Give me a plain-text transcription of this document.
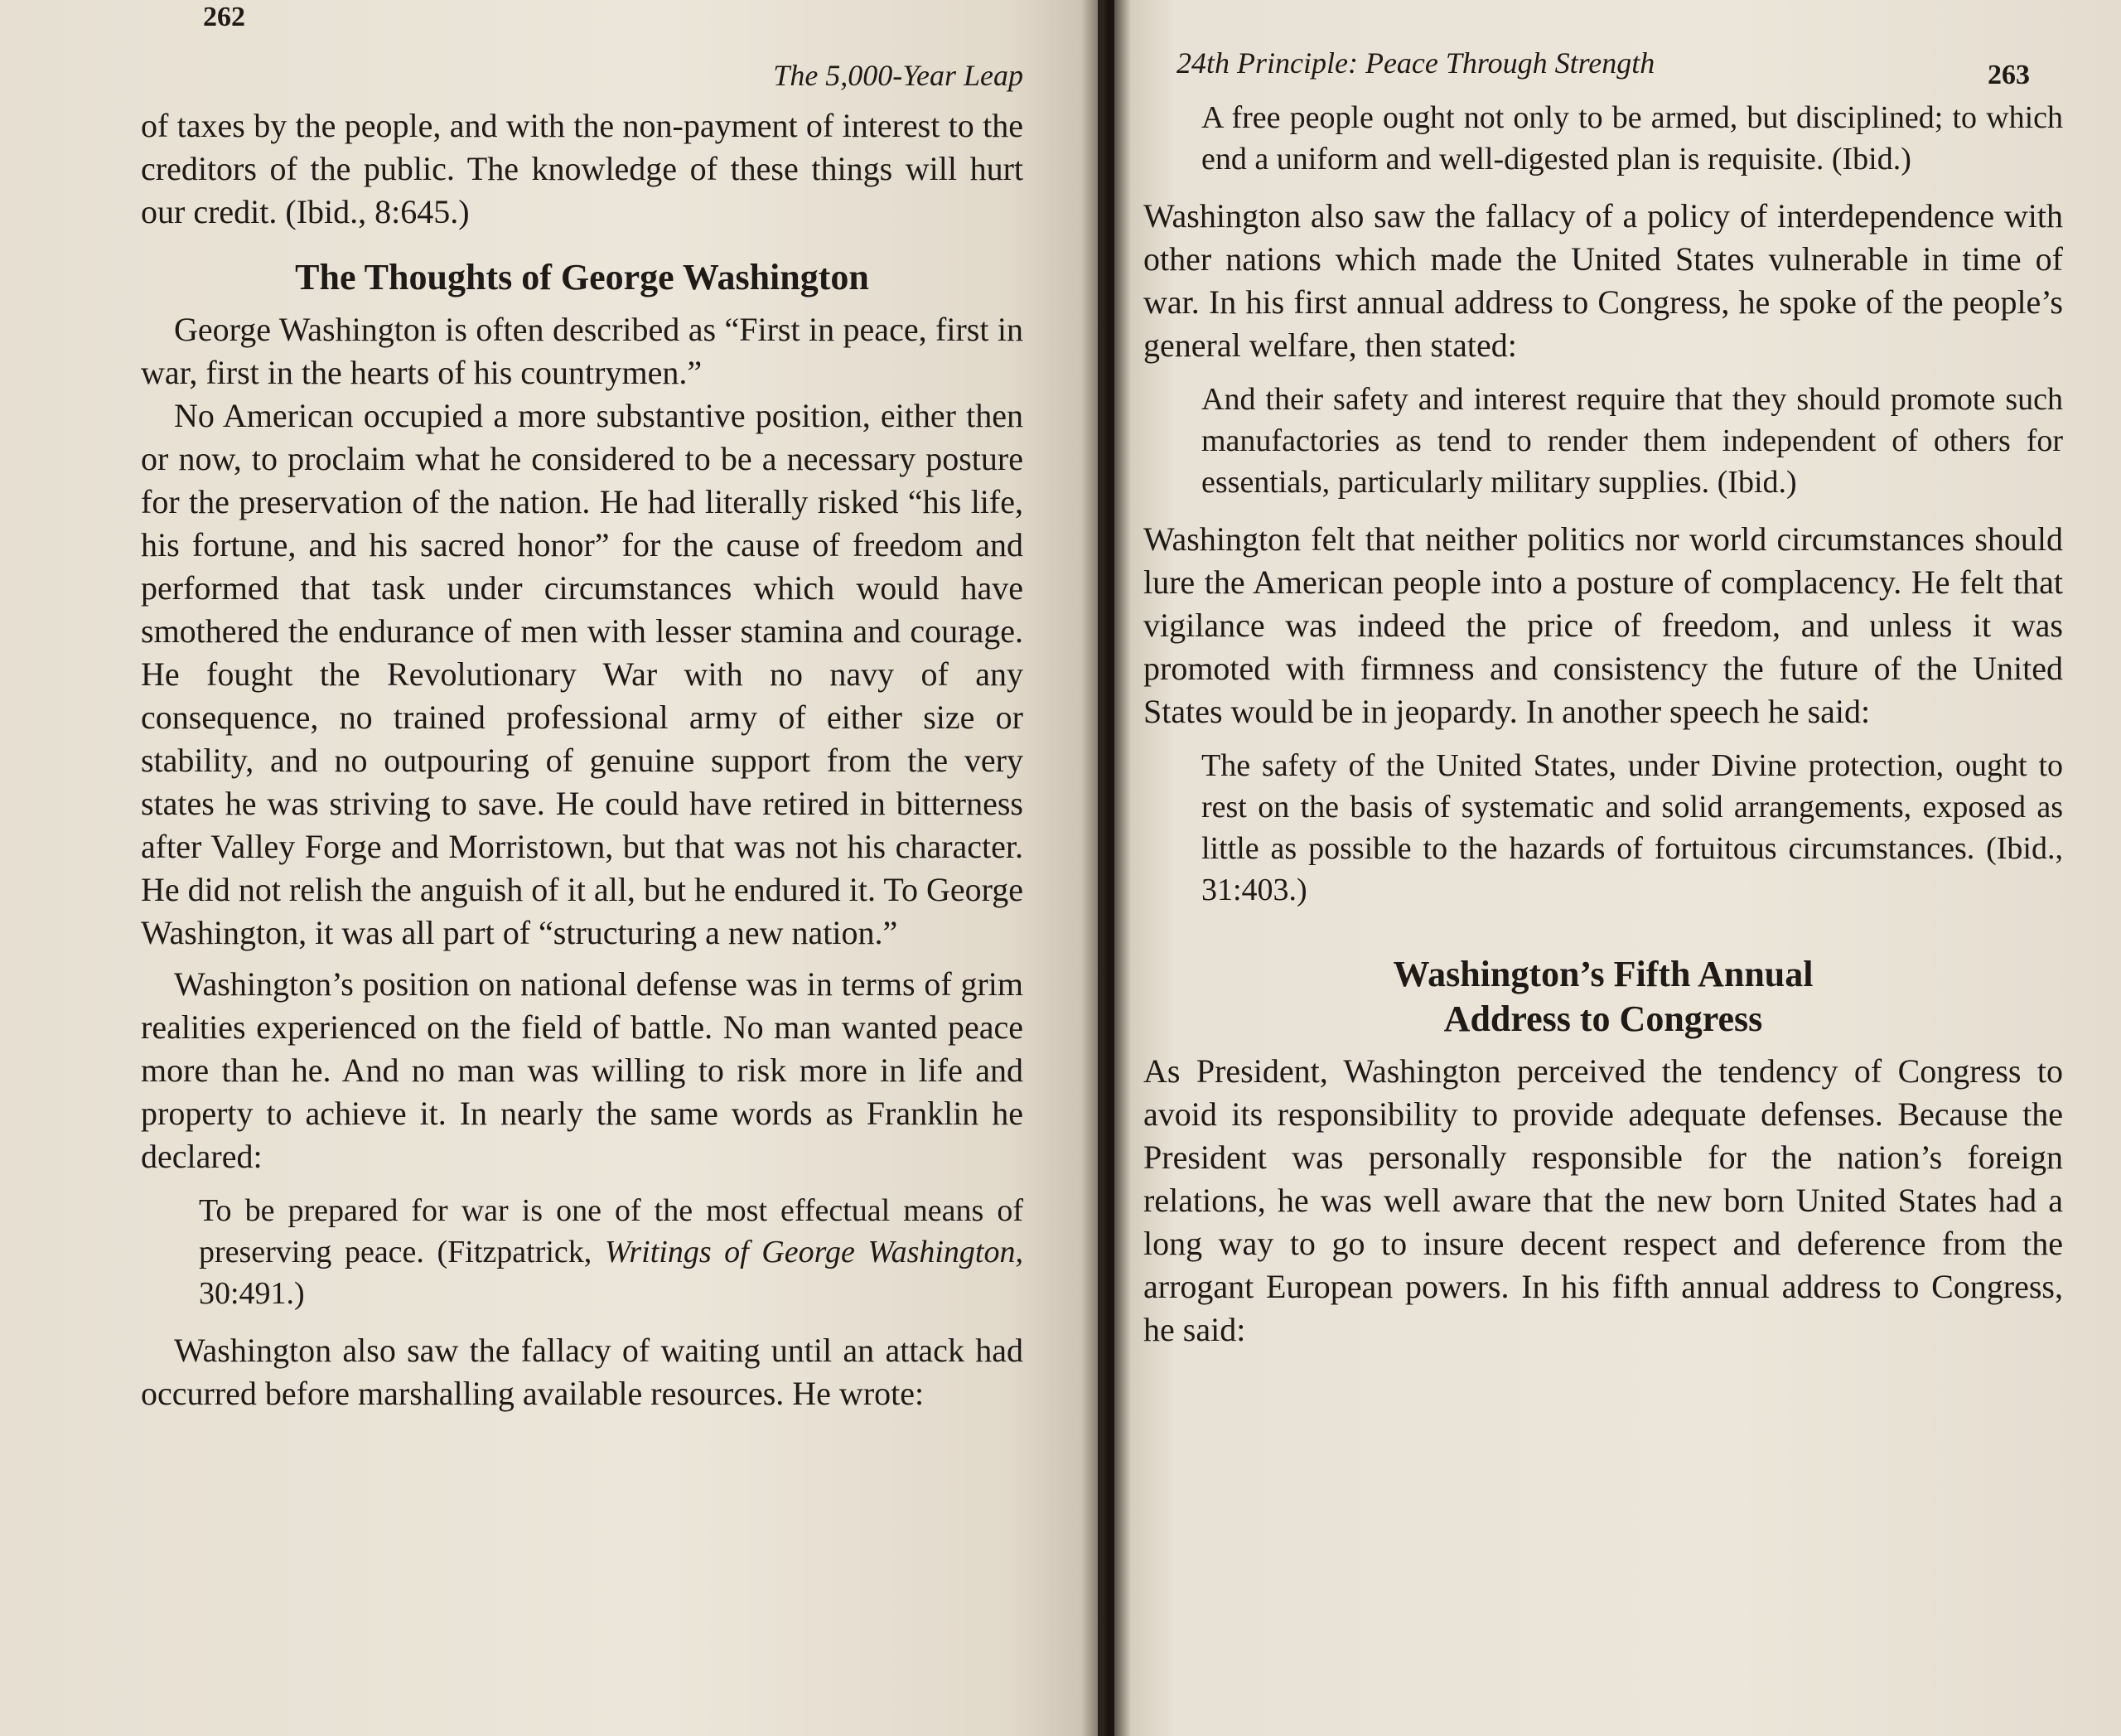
262
The 5,000-Year Leap

of taxes by the people, and with the non-payment of interest to the creditors of the public. The knowledge of these things will hurt our credit. (Ibid., 8:645.)

The Thoughts of George Washington

George Washington is often described as “First in peace, first in war, first in the hearts of his countrymen.”

No American occupied a more substantive position, either then or now, to proclaim what he considered to be a necessary posture for the preservation of the nation. He had literally risked “his life, his fortune, and his sacred honor” for the cause of freedom and performed that task under circumstances which would have smothered the endurance of men with lesser stamina and courage. He fought the Revolutionary War with no navy of any consequence, no trained professional army of either size or stability, and no outpouring of genuine support from the very states he was striving to save. He could have retired in bitterness after Valley Forge and Morristown, but that was not his character. He did not relish the anguish of it all, but he endured it. To George Washington, it was all part of “structuring a new nation.”

Washington’s position on national defense was in terms of grim realities experienced on the field of battle. No man wanted peace more than he. And no man was willing to risk more in life and property to achieve it. In nearly the same words as Franklin he declared:

To be prepared for war is one of the most effectual means of preserving peace. (Fitzpatrick, Writings of George Washington, 30:491.)

Washington also saw the fallacy of waiting until an attack had occurred before marshalling available resources. He wrote:

263
24th Principle: Peace Through Strength
A free people ought not only to be armed, but disciplined; to which end a uniform and well-digested plan is requisite. (Ibid.)

Washington also saw the fallacy of a policy of interdependence with other nations which made the United States vulnerable in time of war. In his first annual address to Congress, he spoke of the people’s general welfare, then stated:

And their safety and interest require that they should promote such manufactories as tend to render them independent of others for essentials, particularly military supplies. (Ibid.)

Washington felt that neither politics nor world circumstances should lure the American people into a posture of complacency. He felt that vigilance was indeed the price of freedom, and unless it was promoted with firmness and consistency the future of the United States would be in jeopardy. In another speech he said:

The safety of the United States, under Divine protection, ought to rest on the basis of systematic and solid arrangements, exposed as little as possible to the hazards of fortuitous circumstances. (Ibid., 31:403.)
Washington’s Fifth Annual
Address to Congress

As President, Washington perceived the tendency of Congress to avoid its responsibility to provide adequate defenses. Because the President was personally responsible for the nation’s foreign relations, he was well aware that the new born United States had a long way to go to insure decent respect and deference from the arrogant European powers. In his fifth annual address to Congress, he said:
